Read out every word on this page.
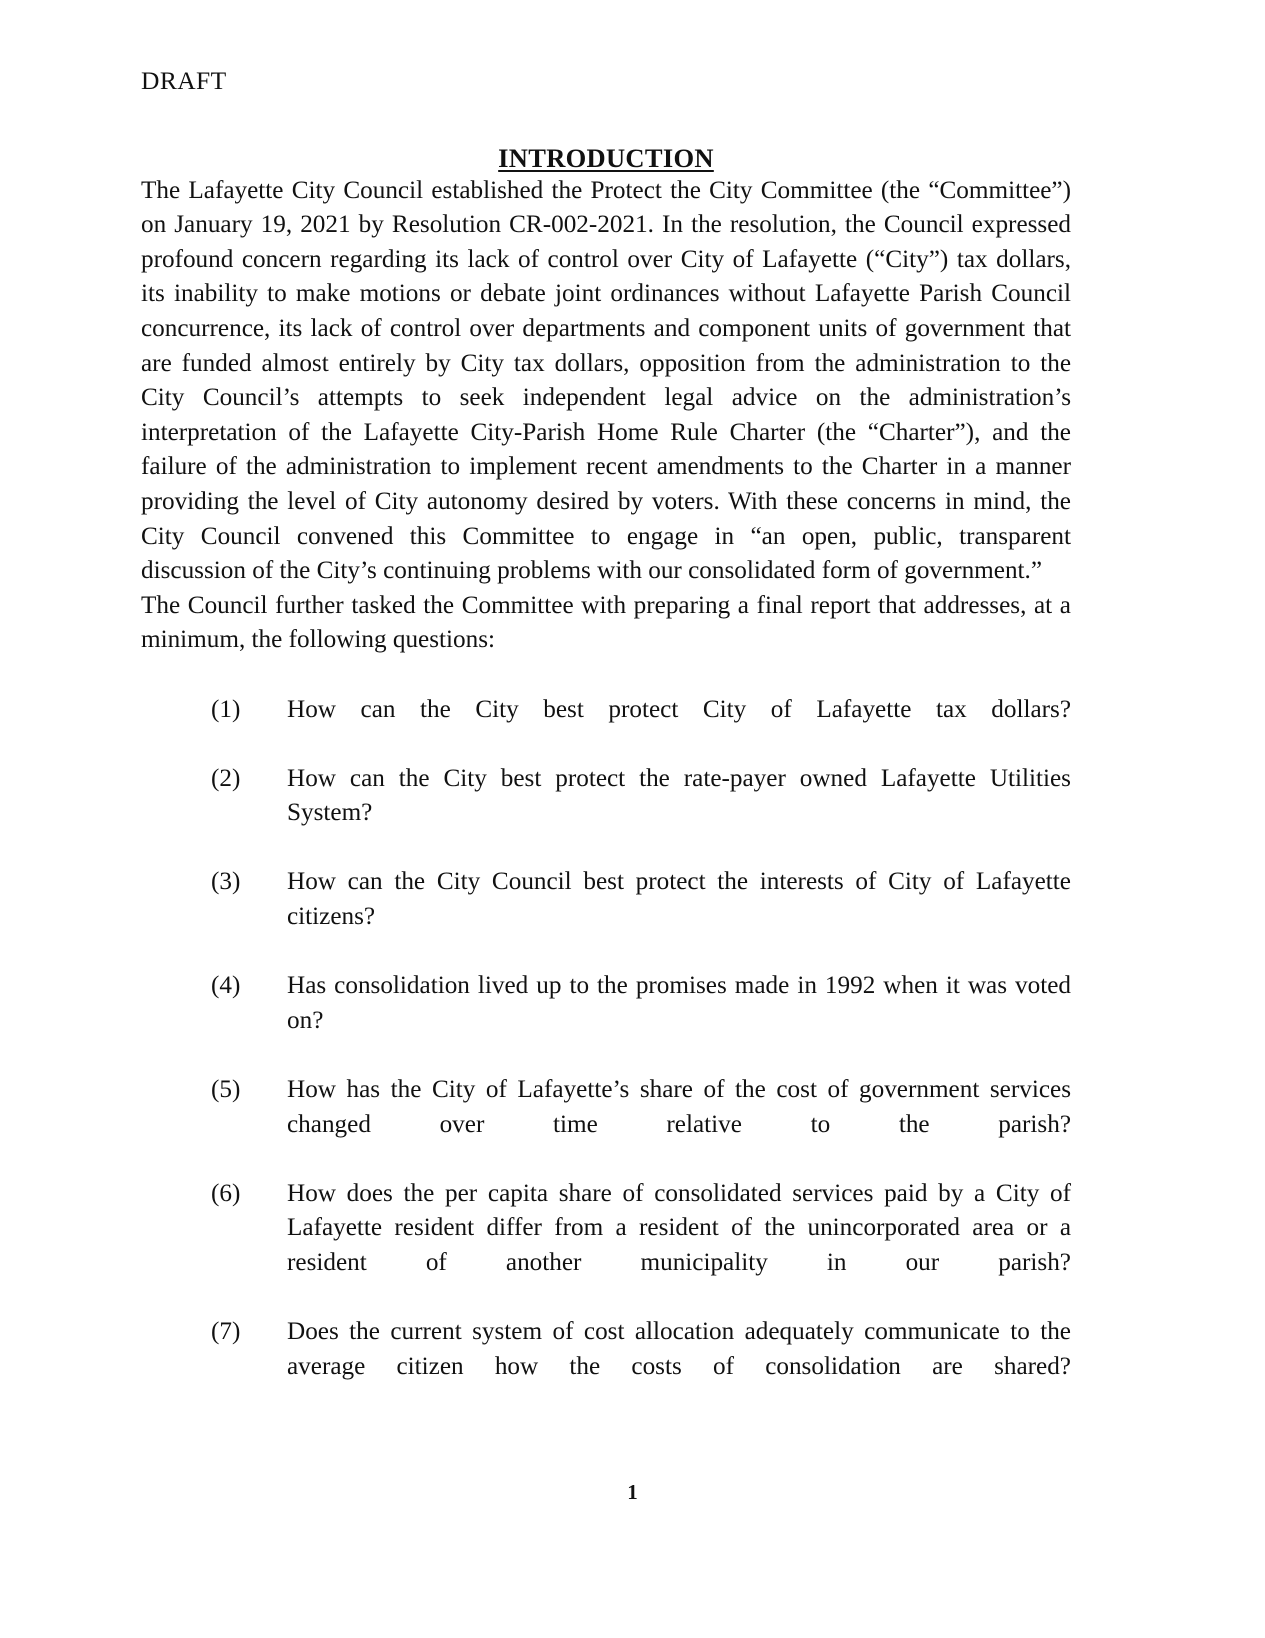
DRAFT
INTRODUCTION

The Lafayette City Council established the Protect the City Committee (the “Committee”) on January 19, 2021 by Resolution CR-002-2021. In the resolution, the Council expressed profound concern regarding its lack of control over City of Lafayette (“City”) tax dollars, its inability to make motions or debate joint ordinances without Lafayette Parish Council concurrence, its lack of control over departments and component units of government that are funded almost entirely by City tax dollars, opposition from the administration to the City Council’s attempts to seek independent legal advice on the administration’s interpretation of the Lafayette City-Parish Home Rule Charter (the “Charter”), and the failure of the administration to implement recent amendments to the Charter in a manner providing the level of City autonomy desired by voters. With these concerns in mind, the City Council convened this Committee to engage in “an open, public, transparent discussion of the City’s continuing problems with our consolidated form of government.”

The Council further tasked the Committee with preparing a final report that addresses, at a minimum, the following questions:

(1)	How can the City best protect City of Lafayette tax dollars?
(2)	How can the City best protect the rate-payer owned Lafayette Utilities System?
(3)	How can the City Council best protect the interests of City of Lafayette citizens?
(4)	Has consolidation lived up to the promises made in 1992 when it was voted on?
(5)	How has the City of Lafayette’s share of the cost of government services changed over time relative to the parish?
(6)	How does the per capita share of consolidated services paid by a City of Lafayette resident differ from a resident of the unincorporated area or a resident of another municipality in our parish?
(7)	Does the current system of cost allocation adequately communicate to the average citizen how the costs of consolidation are shared?
1
